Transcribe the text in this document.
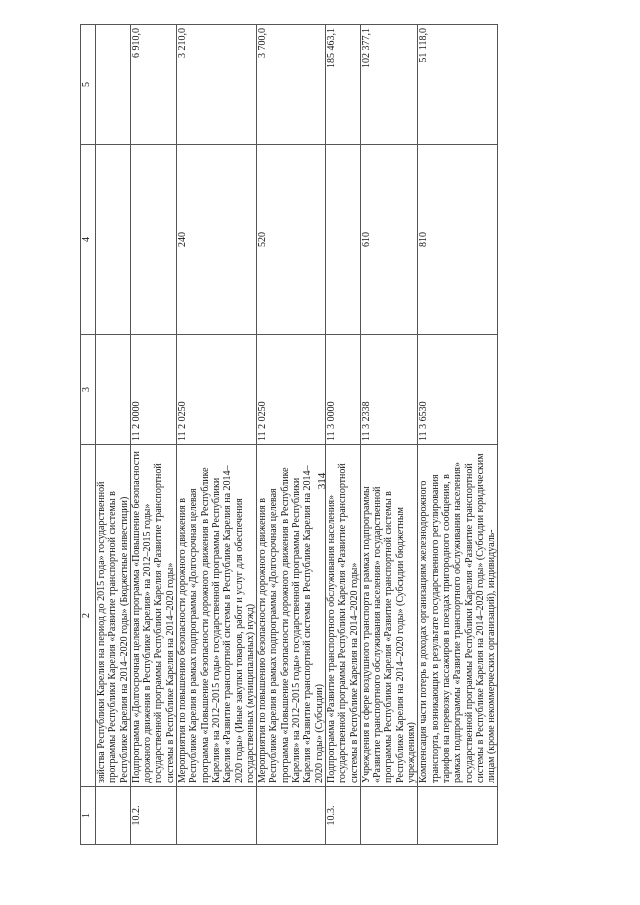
314
1	2	3	4	5
	зяйства Республики Карелия на период до 2015 года» государственной программы Республики Карелия «Развитие транспортной системы в Республике Карелия на 2014–2020 годы» (Бюджетные инвестиции)			
10.2.	Подпрограмма «Долгосрочная целевая программа «Повышение безопасности дорожного движения в Республике Карелия» на 2012–2015 годы» государственной программы Республики Карелия «Развитие транспортной системы в Республике Карелия на 2014–2020 годы»	11 2 0000		6 910,0
	Мероприятия по повышению безопасности дорожного движения в Республике Карелия в рамках подпрограммы «Долгосрочная целевая программа «Повышение безопасности дорожного движения в Республике Карелия» на 2012–2015 годы» государственной программы Республики Карелия «Развитие транспортной системы в Республике Карелия на 2014–2020 годы» (Иные закупки товаров, работ и услуг для обеспечения государственных (муниципальных) нужд)	11 2 0250	240	3 210,0
	Мероприятия по повышению безопасности дорожного движения в Республике Карелия в рамках подпрограммы «Долгосрочная целевая программа «Повышение безопасности дорожного движения в Республике Карелия» на 2012–2015 годы» государственной программы Республики Карелия «Развитие транспортной системы в Республике Карелия на 2014–2020 годы» (Субсидии)	11 2 0250	520	3 700,0
10.3.	Подпрограмма «Развитие транспортного обслуживания населения» государственной программы Республики Карелия «Развитие транспортной системы в Республике Карелия на 2014–2020 годы»	11 3 0000		185 463,1
	Учреждения в сфере воздушного транспорта в рамках подпрограммы «Развитие транспортного обслуживания населения» государственной программы Республики Карелия «Развитие транспортной системы в Республике Карелия на 2014–2020 годы» (Субсидии бюджетным учреждениям)	11 3 2338	610	102 377,1
	Компенсация части потерь в доходах организациям железнодорожного транспорта, возникающих в результате государственного регулирования тарифов на перевозку пассажиров в поездах пригородного сообщения, в рамках подпрограммы «Развитие транспортного обслуживания населения» государственной программы Республики Карелия «Развитие транспортной системы в Республике Карелия на 2014–2020 годы» (Субсидии юридическим лицам (кроме некоммерческих организаций), индивидуаль-	11 3 6530	810	51 118,0
